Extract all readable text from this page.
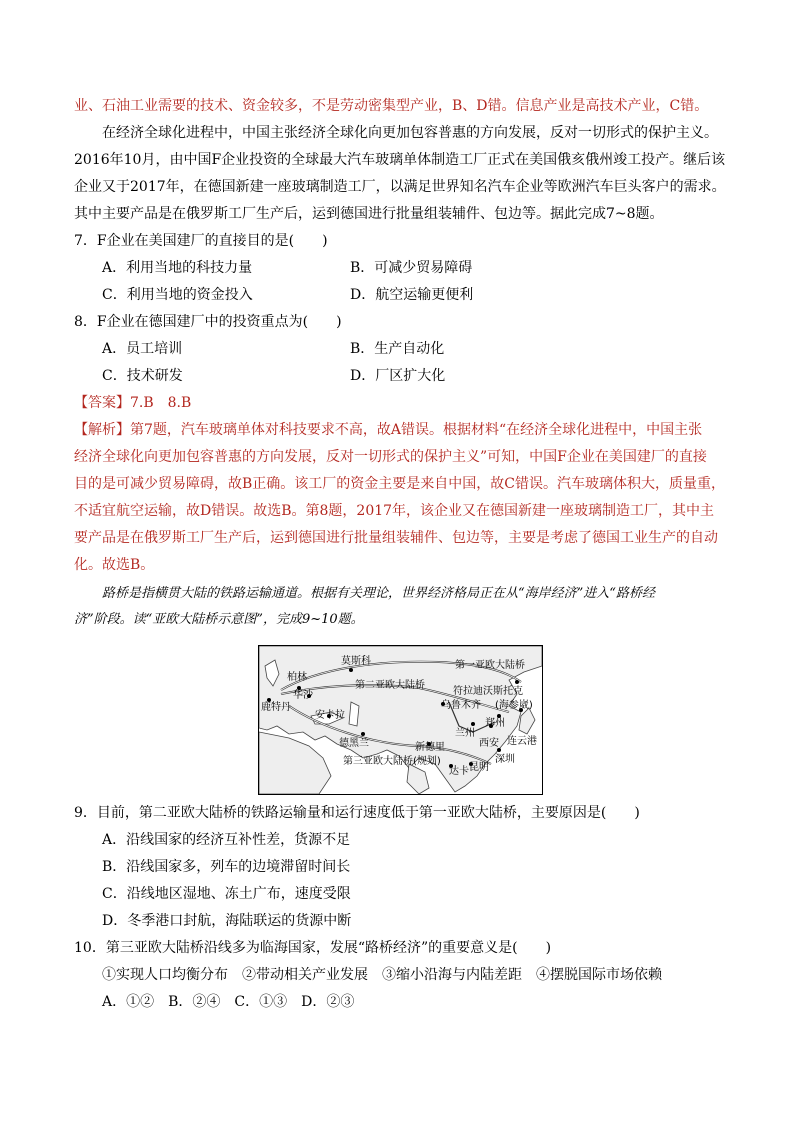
业、石油工业需要的技术、资金较多，不是劳动密集型产业，B、D错。信息产业是高技术产业，C错。
在经济全球化进程中，中国主张经济全球化向更加包容普惠的方向发展，反对一切形式的保护主义。
2016年10月，由中国F企业投资的全球最大汽车玻璃单体制造工厂正式在美国俄亥俄州竣工投产。继后该
企业又于2017年，在德国新建一座玻璃制造工厂，以满足世界知名汽车企业等欧洲汽车巨头客户的需求。
其中主要产品是在俄罗斯工厂生产后，运到德国进行批量组装辅件、包边等。据此完成7~8题。
7．F企业在美国建厂的直接目的是(　　)
A．利用当地的科技力量	B．可减少贸易障碍
C．利用当地的资金投入	D．航空运输更便利
8．F企业在德国建厂中的投资重点为(　　)
A．员工培训	B．生产自动化
C．技术研发	D．厂区扩大化
【答案】7.B　8.B
【解析】第7题，汽车玻璃单体对科技要求不高，故A错误。根据材料“在经济全球化进程中，中国主张
经济全球化向更加包容普惠的方向发展，反对一切形式的保护主义”可知，中国F企业在美国建厂的直接
目的是可减少贸易障碍，故B正确。该工厂的资金主要是来自中国，故C错误。汽车玻璃体积大，质量重，
不适宜航空运输，故D错误。故选B。第8题，2017年，该企业又在德国新建一座玻璃制造工厂，其中主
要产品是在俄罗斯工厂生产后，运到德国进行批量组装辅件、包边等，主要是考虑了德国工业生产的自动
化。故选B。
路桥是指横贯大陆的铁路运输通道。根据有关理论，世界经济格局正在从“海岸经济”进入“路桥经
济”阶段。读“亚欧大陆桥示意图”，完成9~10题。
莫斯科	第一亚欧大陆桥
柏林
华沙
第二亚欧大陆桥
符拉迪沃斯托克
(海参崴)
乌鲁木齐
鹿特丹
安卡拉
郑州
兰州
西安 连云港
德黑兰	新德里
第三亚欧大陆桥(规划)	深圳
达卡 昆明
9．目前，第二亚欧大陆桥的铁路运输量和运行速度低于第一亚欧大陆桥，主要原因是(　　)
A．沿线国家的经济互补性差，货源不足
B．沿线国家多，列车的边境滞留时间长
C．沿线地区湿地、冻土广布，速度受限
D．冬季港口封航，海陆联运的货源中断
10．第三亚欧大陆桥沿线多为临海国家，发展“路桥经济”的重要意义是(　　)
①实现人口均衡分布　②带动相关产业发展　③缩小沿海与内陆差距　④摆脱国际市场依赖
A．①②　B．②④　C．①③　D．②③
